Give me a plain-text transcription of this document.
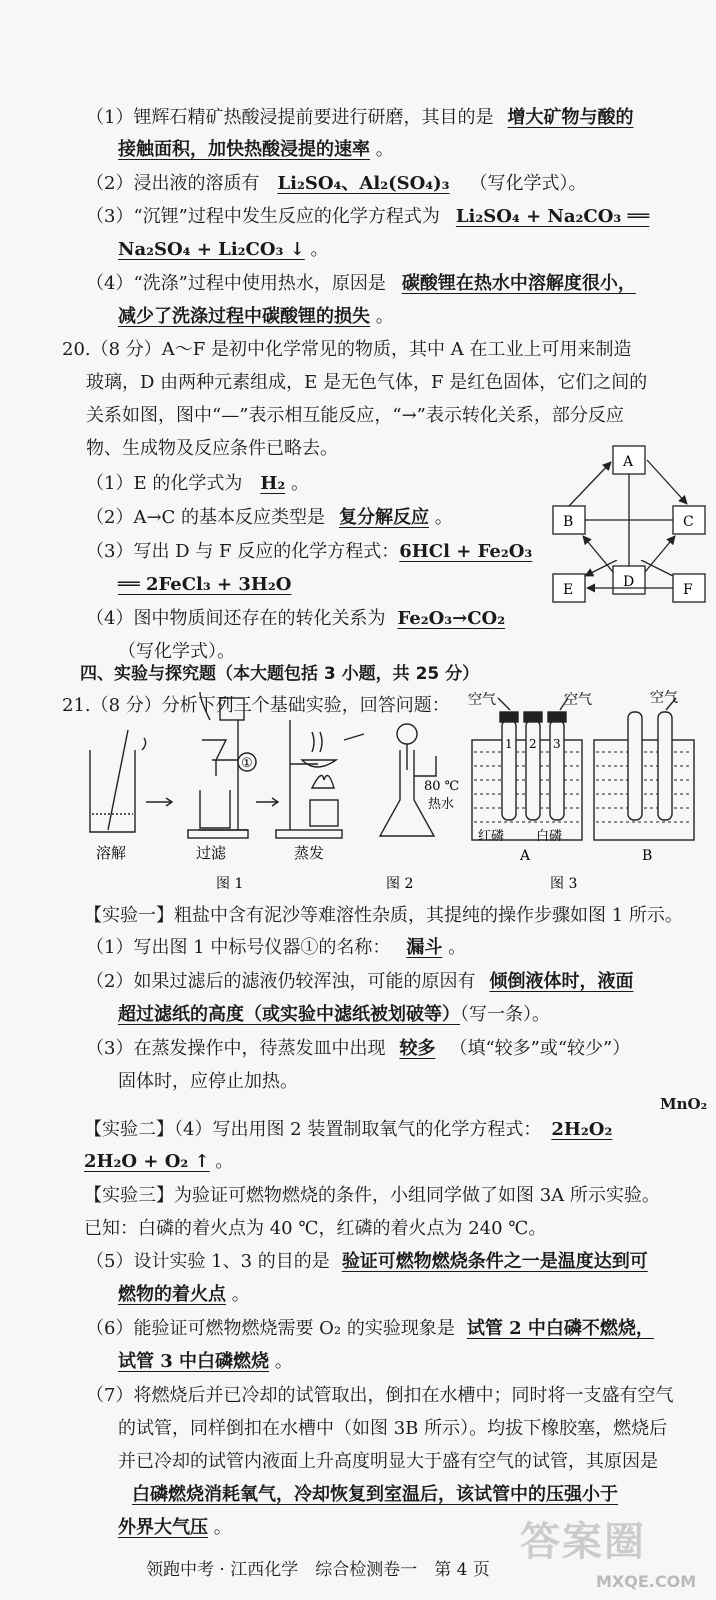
（1）锂辉石精矿热酸浸提前要进行研磨，其目的是 增大矿物与酸的
接触面积，加快热酸浸提的速率 。
（2）浸出液的溶质有 Li₂SO₄、Al₂(SO₄)₃ （写化学式）。
（3）“沉锂”过程中发生反应的化学方程式为 Li₂SO₄ + Na₂CO₃ ══
Na₂SO₄ + Li₂CO₃ ↓ 。
（4）“洗涤”过程中使用热水，原因是 碳酸锂在热水中溶解度很小，
减少了洗涤过程中碳酸锂的损失 。
20.（8 分）A～F 是初中化学常见的物质，其中 A 在工业上可用来制造
玻璃，D 由两种元素组成，E 是无色气体，F 是红色固体，它们之间的
关系如图，图中“—”表示相互能反应，“→”表示转化关系，部分反应
物、生成物及反应条件已略去。
（1）E 的化学式为 H₂ 。
（2）A→C 的基本反应类型是 复分解反应 。
（3）写出 D 与 F 反应的化学方程式：6HCl + Fe₂O₃
══ 2FeCl₃ + 3H₂O
（4）图中物质间还存在的转化关系为 Fe₂O₃→CO₂
（写化学式）。
A
B	C
D
E	F
四、实验与探究题（本大题包括 3 小题，共 25 分）
21.（8 分）分析下列三个基础实验，回答问题：
溶解	过滤	蒸发
①
空气	空气	空气
1 2 3
80 ℃
热水
红磷 白磷
A	B
图 1	图 2	图 3
【实验一】粗盐中含有泥沙等难溶性杂质，其提纯的操作步骤如图 1 所示。
（1）写出图 1 中标号仪器①的名称： 漏斗 。
（2）如果过滤后的滤液仍较浑浊，可能的原因有 倾倒液体时，液面
超过滤纸的高度（或实验中滤纸被划破等）（写一条）。
（3）在蒸发操作中，待蒸发皿中出现 较多 （填“较多”或“较少”）
固体时，应停止加热。
【实验二】（4）写出用图 2 装置制取氧气的化学方程式： 2H₂O₂
MnO₂
2H₂O + O₂ ↑ 。
【实验三】为验证可燃物燃烧的条件，小组同学做了如图 3A 所示实验。
已知：白磷的着火点为 40 ℃，红磷的着火点为 240 ℃。
（5）设计实验 1、3 的目的是 验证可燃物燃烧条件之一是温度达到可
燃物的着火点 。
（6）能验证可燃物燃烧需要 O₂ 的实验现象是 试管 2 中白磷不燃烧，
试管 3 中白磷燃烧 。
（7）将燃烧后并已冷却的试管取出，倒扣在水槽中；同时将一支盛有空气
的试管，同样倒扣在水槽中（如图 3B 所示）。均拔下橡胶塞，燃烧后
并已冷却的试管内液面上升高度明显大于盛有空气的试管，其原因是
白磷燃烧消耗氧气，冷却恢复到室温后，该试管中的压强小于
外界大气压 。
领跑中考 · 江西化学　综合检测卷一　第 4 页
答案圈
MXQE.COM
